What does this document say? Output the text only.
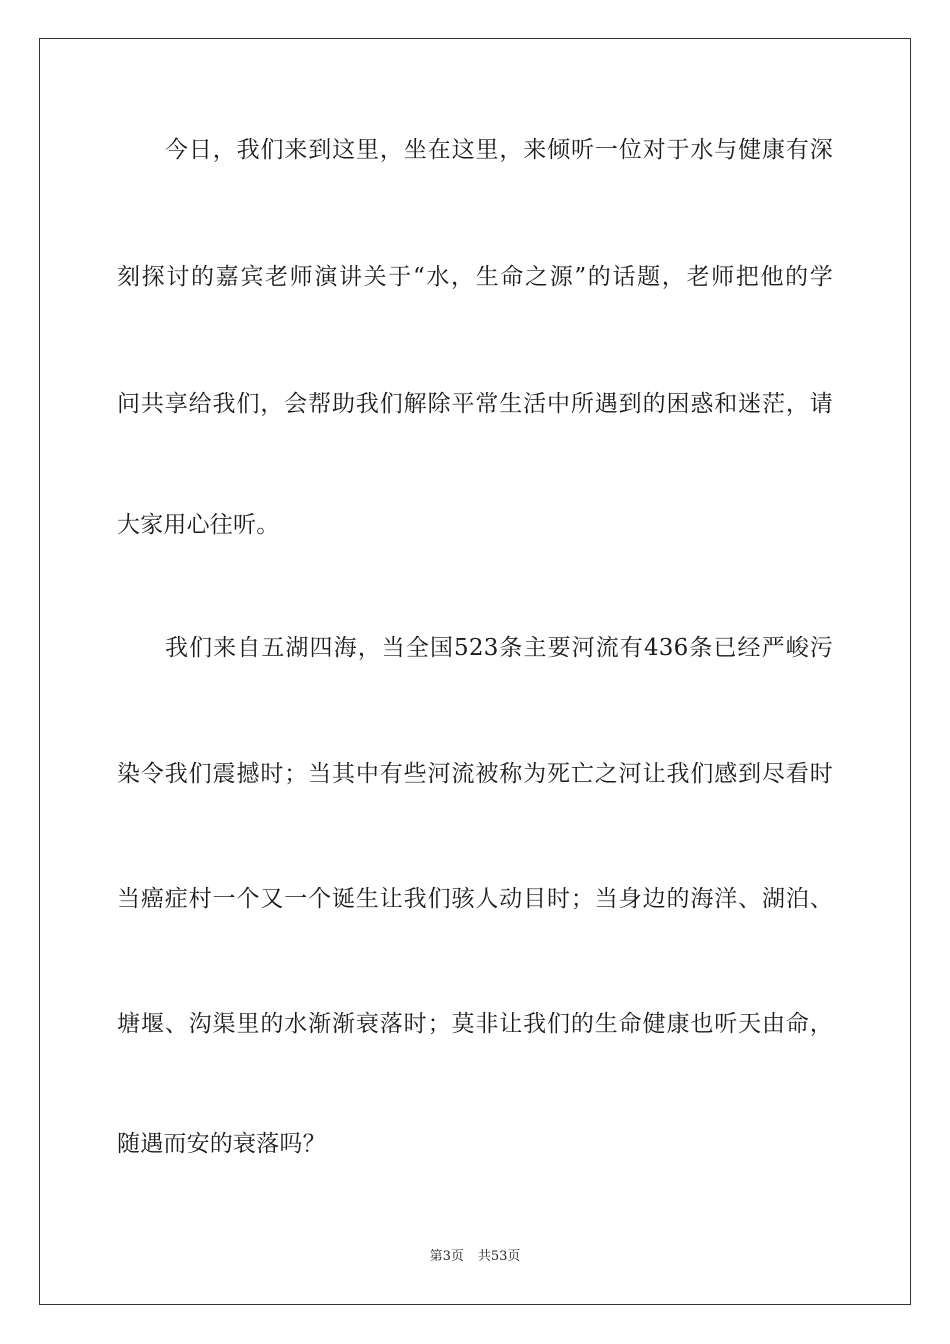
今日，我们来到这里，坐在这里，来倾听一位对于水与健康有深
刻探讨的嘉宾老师演讲关于“水，生命之源”的话题，老师把他的学
问共享给我们，会帮助我们解除平常生活中所遇到的困惑和迷茫，请
大家用心往听。
我们来自五湖四海，当全国523条主要河流有436条已经严峻污
染令我们震撼时；当其中有些河流被称为死亡之河让我们感到尽看时
当癌症村一个又一个诞生让我们骇人动目时；当身边的海洋、湖泊、
塘堰、沟渠里的水渐渐衰落时；莫非让我们的生命健康也听天由命，
随遇而安的衰落吗？
第3页 共53页
